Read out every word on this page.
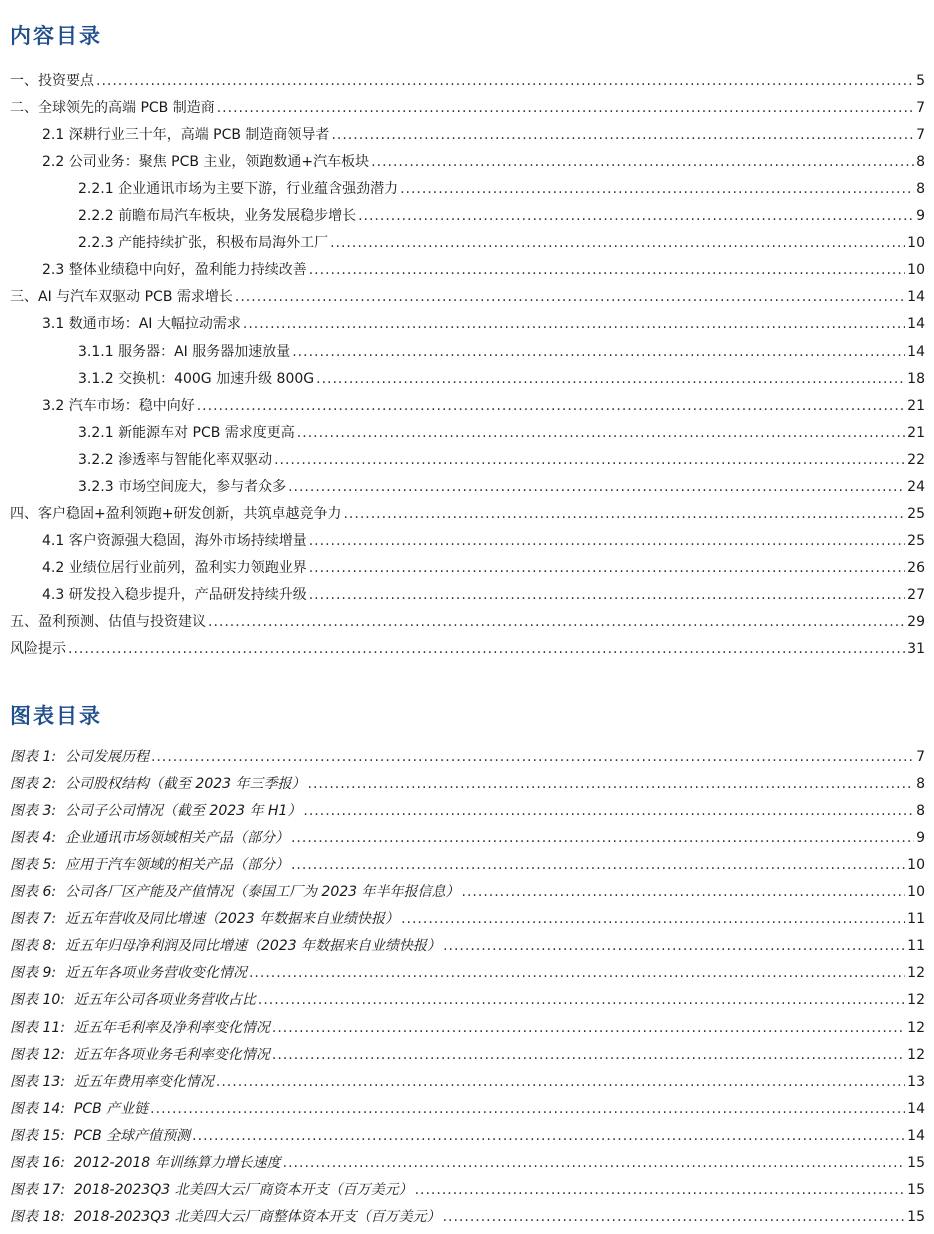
内容目录
一、投资要点 .....	5
二、全球领先的高端 PCB 制造商 .....	7
2.1 深耕行业三十年，高端 PCB 制造商领导者 .....	7
2.2 公司业务：聚焦 PCB 主业，领跑数通+汽车板块 .....	8
2.2.1 企业通讯市场为主要下游，行业蕴含强劲潜力 .....	8
2.2.2 前瞻布局汽车板块，业务发展稳步增长 .....	9
2.2.3 产能持续扩张，积极布局海外工厂 .....	10
2.3 整体业绩稳中向好，盈利能力持续改善 .....	10
三、AI 与汽车双驱动 PCB 需求增长 .....	14
3.1 数通市场：AI 大幅拉动需求 .....	14
3.1.1 服务器：AI 服务器加速放量 .....	14
3.1.2 交换机：400G 加速升级 800G .....	18
3.2 汽车市场：稳中向好 .....	21
3.2.1 新能源车对 PCB 需求度更高 .....	21
3.2.2 渗透率与智能化率双驱动 .....	22
3.2.3 市场空间庞大，参与者众多 .....	24
四、客户稳固+盈利领跑+研发创新，共筑卓越竞争力 .....	25
4.1 客户资源强大稳固，海外市场持续增量 .....	25
4.2 业绩位居行业前列，盈利实力领跑业界 .....	26
4.3 研发投入稳步提升，产品研发持续升级 .....	27
五、盈利预测、估值与投资建议 .....	29
风险提示 .....	31
图表目录
图表 1: 公司发展历程 .....	7
图表 2: 公司股权结构（截至 2023 年三季报） .....	8
图表 3: 公司子公司情况（截至 2023 年 H1） .....	8
图表 4: 企业通讯市场领域相关产品（部分） .....	9
图表 5: 应用于汽车领域的相关产品（部分） .....	10
图表 6: 公司各厂区产能及产值情况（泰国工厂为 2023 年半年报信息） .....	10
图表 7: 近五年营收及同比增速（2023 年数据来自业绩快报） .....	11
图表 8: 近五年归母净利润及同比增速（2023 年数据来自业绩快报） .....	11
图表 9: 近五年各项业务营收变化情况 .....	12
图表 10: 近五年公司各项业务营收占比 .....	12
图表 11: 近五年毛利率及净利率变化情况 .....	12
图表 12: 近五年各项业务毛利率变化情况 .....	12
图表 13: 近五年费用率变化情况 .....	13
图表 14: PCB 产业链 .....	14
图表 15: PCB 全球产值预测 .....	14
图表 16: 2012-2018 年训练算力增长速度 .....	15
图表 17: 2018-2023Q3 北美四大云厂商资本开支（百万美元） .....	15
图表 18: 2018-2023Q3 北美四大云厂商整体资本开支（百万美元） .....	15
